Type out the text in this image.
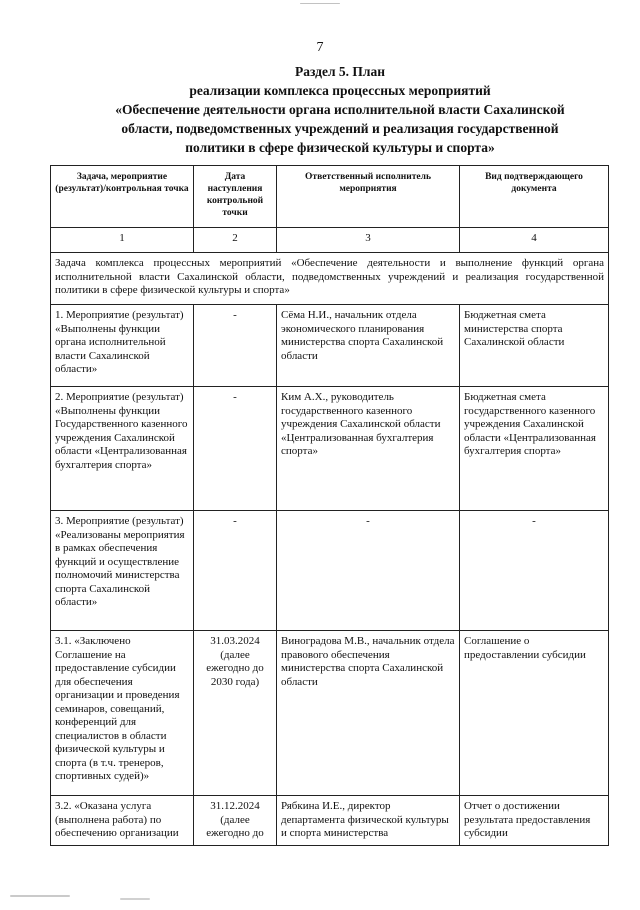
7
Раздел 5. План
реализации комплекса процессных мероприятий
«Обеспечение деятельности органа исполнительной власти Сахалинской
области, подведомственных учреждений и реализация государственной
политики в сфере физической культуры и спорта»
Задача, мероприятие (результат)/контрольная точка	Дата наступления контрольной точки	Ответственный исполнитель мероприятия	Вид подтверждающего документа
1	2	3	4
Задача комплекса процессных мероприятий «Обеспечение деятельности и выполнение функций органа исполнительной власти Сахалинской области, подведомственных учреждений и реализация государственной политики в сфере физической культуры и спорта»			
1. Мероприятие (результат) «Выполнены функции органа исполнительной власти Сахалинской области»	-	Сёма Н.И., начальник отдела экономического планирования министерства спорта Сахалинской области	Бюджетная смета министерства спорта Сахалинской области
2. Мероприятие (результат) «Выполнены функции Государственного казенного учреждения Сахалинской области «Централизованная бухгалтерия спорта»	-	Ким А.Х., руководитель государственного казенного учреждения Сахалинской области «Централизованная бухгалтерия спорта»	Бюджетная смета государственного казенного учреждения Сахалинской области «Централизованная бухгалтерия спорта»
3. Мероприятие (результат) «Реализованы мероприятия в рамках обеспечения функций и осуществление полномочий министерства спорта Сахалинской области»	-	-	-
3.1. «Заключено Соглашение на предоставление субсидии для обеспечения организации и проведения семинаров, совещаний, конференций для специалистов в области физической культуры и спорта (в т.ч. тренеров, спортивных судей)»	31.03.2024 (далее ежегодно до 2030 года)	Виноградова М.В., начальник отдела правового обеспечения министерства спорта Сахалинской области	Соглашение о предоставлении субсидии
3.2. «Оказана услуга (выполнена работа) по обеспечению организации	31.12.2024 (далее ежегодно до	Рябкина И.Е., директор департамента физической культуры и спорта министерства	Отчет о достижении результата предоставления субсидии
